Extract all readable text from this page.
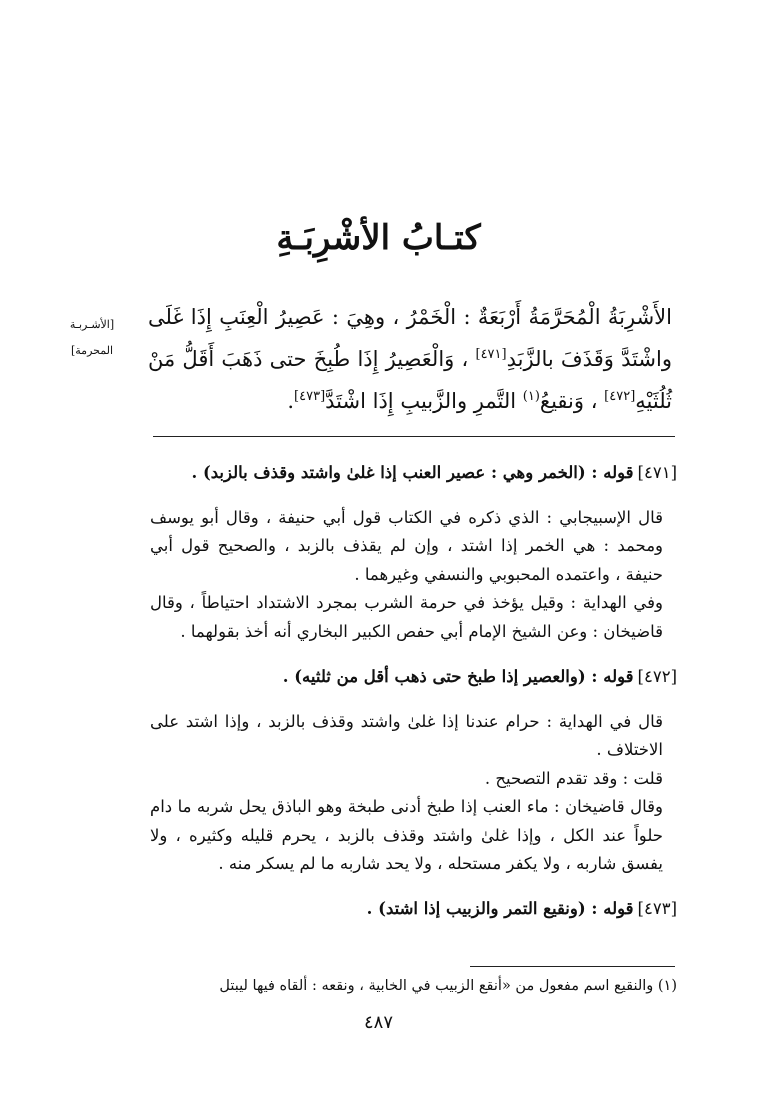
كتـابُ الأشْرِبَـةِ
[الأشـربـة المحرمة]

الأَشْرِبَةُ الْمُحَرَّمَةُ أَرْبَعَةٌ : الْخَمْرُ ، وهِيَ : عَصِيرُ الْعِنَبِ إِذَا غَلَى واشْتَدَّ وَقَذَفَ بالزَّبَدِ[٤٧١] ، وَالْعَصِيرُ إِذَا طُبِخَ حتى ذَهَبَ أَقَلُّ مَنْ ثُلُثَيْهِ[٤٧٢] ، وَنقيعُ$^{(١)}$ التَّمرِ والزَّبيبِ إِذَا اشْتَدَّ[٤٧٣].

[٤٧١]قوله : (الخمر وهي : عصير العنب إذا غلىٰ واشتد وقذف بالزبد) .

قال الإسبيجابي : الذي ذكره في الكتاب قول أبي حنيفة ، وقال أبو يوسف ومحمد : هي الخمر إذا اشتد ، وإن لم يقذف بالزبد ، والصحيح قول أبي حنيفة ، واعتمده المحبوبي والنسفي وغيرهما .

وفي الهداية : وقيل يؤخذ في حرمة الشرب بمجرد الاشتداد احتياطاً ، وقال قاضيخان : وعن الشيخ الإمام أبي حفص الكبير البخاري أنه أخذ بقولهما .

[٤٧٢]قوله : (والعصير إذا طبخ حتى ذهب أقل من ثلثيه) .

قال في الهداية : حرام عندنا إذا غلىٰ واشتد وقذف بالزبد ، وإذا اشتد على الاختلاف .

قلت : وقد تقدم التصحيح .

وقال قاضيخان : ماء العنب إذا طبخ أدنى طبخة وهو الباذق يحل شربه ما دام حلواً عند الكل ، وإذا غلىٰ واشتد وقذف بالزبد ، يحرم قليله وكثيره ، ولا يفسق شاربه ، ولا يكفر مستحله ، ولا يحد شاربه ما لم يسكر منه .

[٤٧٣]قوله : (ونقيع التمر والزبيب إذا اشتد) .

(١) والنقيع اسم مفعول من «أنقع الزبيب في الخابية ، ونقعه : ألقاه فيها ليبتل
٤٨٧
